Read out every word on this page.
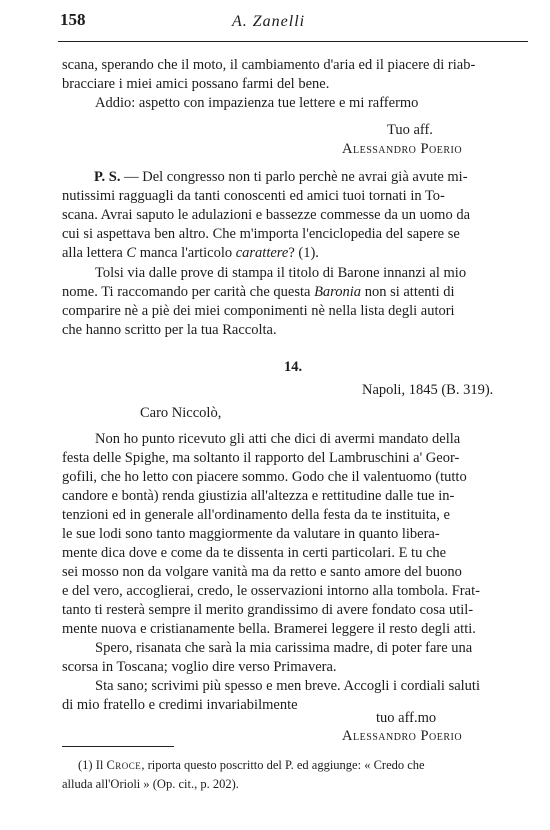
158	A. Zanelli
scana, sperando che il moto, il cambiamento d'aria ed il piacere di riab-
bracciare i miei amici possano farmi del bene.
Addio: aspetto con impazienza tue lettere e mi raffermo
Tuo aff.
Alessandro Poerio
P. S. — Del congresso non ti parlo perchè ne avrai già avute mi-
nutissimi ragguagli da tanti conoscenti ed amici tuoi tornati in To-
scana. Avrai saputo le adulazioni e bassezze commesse da un uomo da
cui si aspettava ben altro. Che m'importa l'enciclopedia del sapere se
alla lettera C manca l'articolo carattere? (1).
Tolsi via dalle prove di stampa il titolo di Barone innanzi al mio
nome. Ti raccomando per carità che questa Baronia non si attenti di
comparire nè a piè dei miei componimenti nè nella lista degli autori
che hanno scritto per la tua Raccolta.
14.
Napoli, 1845 (B. 319).
Caro Niccolò,
Non ho punto ricevuto gli atti che dici di avermi mandato della
festa delle Spighe, ma soltanto il rapporto del Lambruschini a' Geor-
gofili, che ho letto con piacere sommo. Godo che il valentuomo (tutto
candore e bontà) renda giustizia all'altezza e rettitudine dalle tue in-
tenzioni ed in generale all'ordinamento della festa da te instituita, e
le sue lodi sono tanto maggiormente da valutare in quanto libera-
mente dica dove e come da te dissenta in certi particolari. E tu che
sei mosso non da volgare vanità ma da retto e santo amore del buono
e del vero, accoglierai, credo, le osservazioni intorno alla tombola. Frat-
tanto ti resterà sempre il merito grandissimo di avere fondato cosa util-
mente nuova e cristianamente bella. Bramerei leggere il resto degli atti.
Spero, risanata che sarà la mia carissima madre, di poter fare una
scorsa in Toscana; voglio dire verso Primavera.
Sta sano; scrivimi più spesso e men breve. Accogli i cordiali saluti
di mio fratello e credimi invariabilmente
tuo aff.mo
Alessandro Poerio
(1) Il Croce, riporta questo poscritto del P. ed aggiunge: « Credo che
alluda all'Orioli » (Op. cit., p. 202).
